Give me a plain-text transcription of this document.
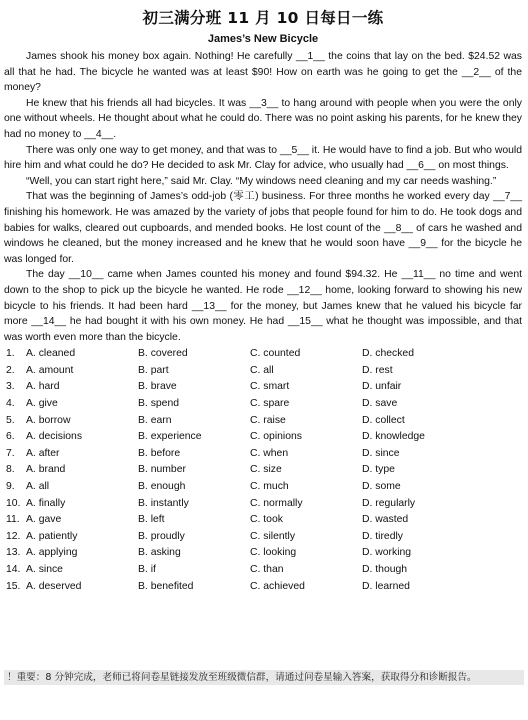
初三满分班 11 月 10 日每日一练
James’s New Bicycle

James shook his money box again. Nothing! He carefully __1__ the coins that lay on the bed. $24.52 was all that he had. The bicycle he wanted was at least $90! How on earth was he going to get the __2__ of the money?

He knew that his friends all had bicycles. It was __3__ to hang around with people when you were the only one without wheels. He thought about what he could do. There was no point asking his parents, for he knew they had no money to __4__.

There was only one way to get money, and that was to __5__ it. He would have to find a job. But who would hire him and what could he do? He decided to ask Mr. Clay for advice, who usually had __6__ on most things.

“Well, you can start right here,” said Mr. Clay. “My windows need cleaning and my car needs washing.”

That was the beginning of James’s odd-job (零工) business. For three months he worked every day __7__ finishing his homework. He was amazed by the variety of jobs that people found for him to do. He took dogs and babies for walks, cleared out cupboards, and mended books. He lost count of the __8__ of cars he washed and windows he cleaned, but the money increased and he knew that he would soon have __9__ for the bicycle he was longed for.

The day __10__ came when James counted his money and found $94.32. He __11__ no time and went down to the shop to pick up the bicycle he wanted. He rode __12__ home, looking forward to showing his new bicycle to his friends. It had been hard __13__ for the money, but James knew that he valued his bicycle far more __14__ he had bought it with his own money. He had __15__ what he thought was impossible, and that was worth even more than the bicycle.

1.	A. cleaned	B. covered	C. counted	D. checked
2.	A. amount	B. part	C. all	D. rest
3.	A. hard	B. brave	C. smart	D. unfair
4.	A. give	B. spend	C. spare	D. save
5.	A. borrow	B. earn	C. raise	D. collect
6.	A. decisions	B. experience	C. opinions	D. knowledge
7.	A. after	B. before	C. when	D. since
8.	A. brand	B. number	C. size	D. type
9.	A. all	B. enough	C. much	D. some
10. A. finally	B. instantly	C. normally	D. regularly
11. A. gave	B. left	C. took	D. wasted
12. A. patiently	B. proudly	C. silently	D. tiredly
13. A. applying	B. asking	C. looking	D. working
14. A. since	B. if	C. than	D. though
15. A. deserved	B. benefited	C. achieved	D. learned
！重要：8 分钟完成，老师已将问卷星链接发放至班级微信群，请通过问卷星输入答案，获取得分和诊断报告。
